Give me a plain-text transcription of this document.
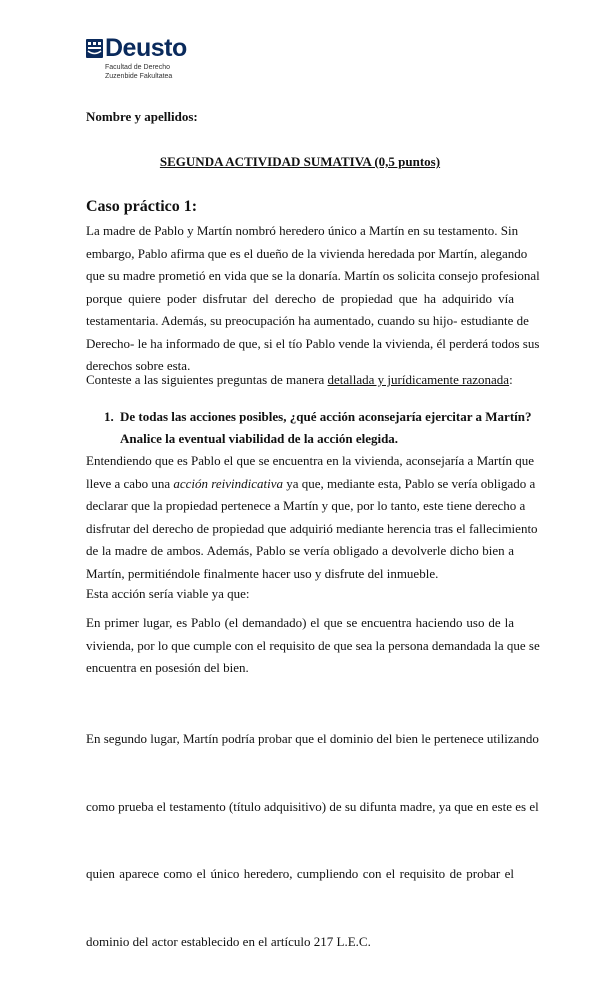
Deusto
Facultad de Derecho
Zuzenbide Fakultatea
Nombre y apellidos:
SEGUNDA ACTIVIDAD SUMATIVA (0,5 puntos)
Caso práctico 1:
La madre de Pablo y Martín nombró heredero único a Martín en su testamento. Sin
embargo, Pablo afirma que es el dueño de la vivienda heredada por Martín, alegando
que su madre prometió en vida que se la donaría. Martín os solicita consejo profesional
porque quiere poder disfrutar del derecho de propiedad que ha adquirido vía
testamentaria. Además, su preocupación ha aumentado, cuando su hijo- estudiante de
Derecho- le ha informado de que, si el tío Pablo vende la vivienda, él perderá todos sus
derechos sobre esta.
Conteste a las siguientes preguntas de manera detallada y jurídicamente razonada:
1. De todas las acciones posibles, ¿qué acción aconsejaría ejercitar a Martín?
Analice la eventual viabilidad de la acción elegida.
Entendiendo que es Pablo el que se encuentra en la vivienda, aconsejaría a Martín que
lleve a cabo una acción reivindicativa ya que, mediante esta, Pablo se vería obligado a
declarar que la propiedad pertenece a Martín y que, por lo tanto, este tiene derecho a
disfrutar del derecho de propiedad que adquirió mediante herencia tras el fallecimiento
de la madre de ambos. Además, Pablo se vería obligado a devolverle dicho bien a
Martín, permitiéndole finalmente hacer uso y disfrute del inmueble.
Esta acción sería viable ya que:
En primer lugar, es Pablo (el demandado) el que se encuentra haciendo uso de la
vivienda, por lo que cumple con el requisito de que sea la persona demandada la que se
encuentra en posesión del bien.

En segundo lugar, Martín podría probar que el dominio del bien le pertenece utilizando

como prueba el testamento (título adquisitivo) de su difunta madre, ya que en este es el

quien aparece como el único heredero, cumpliendo con el requisito de probar el

dominio del actor establecido en el artículo 217 L.E.C.
